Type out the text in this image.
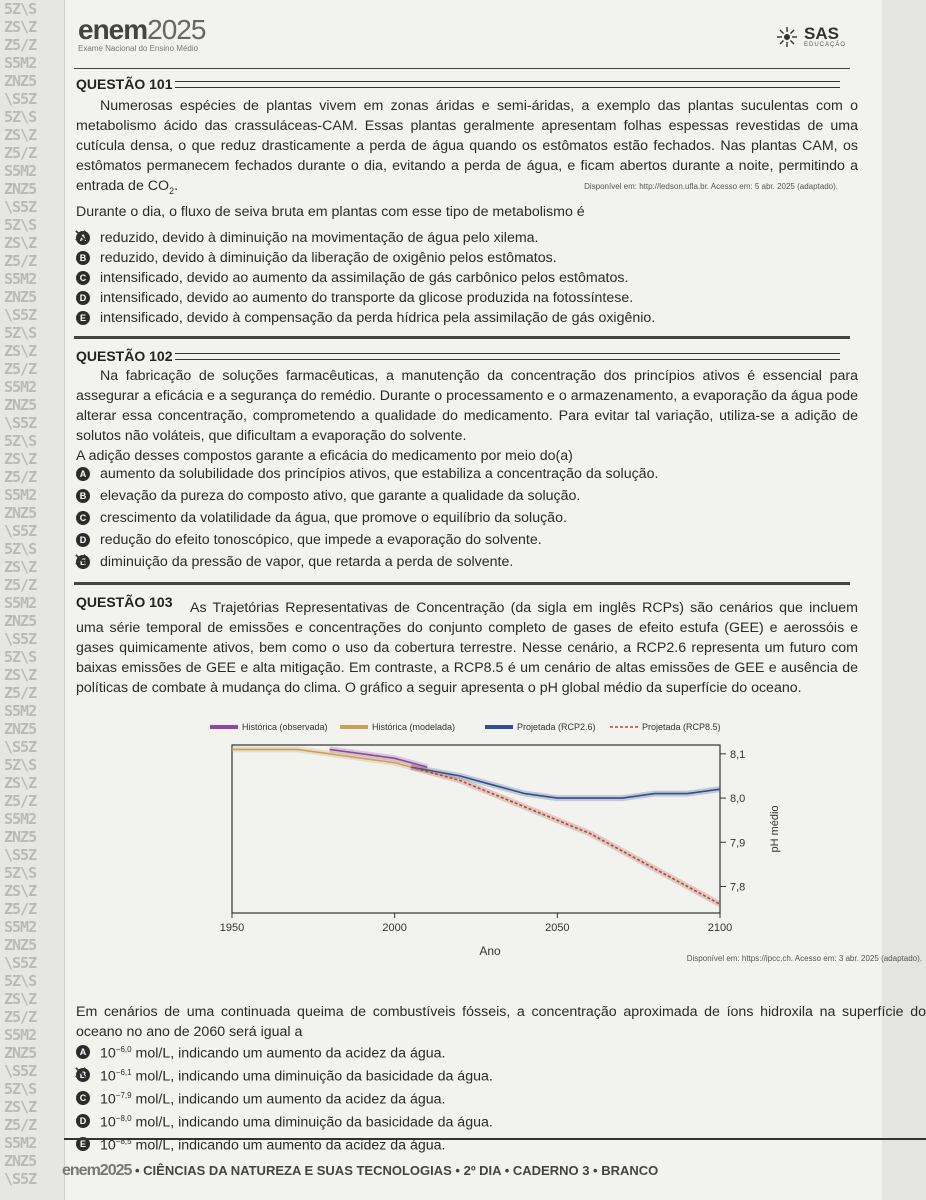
5Z\S
ZS\Z
Z5/Z
S5M2
ZNZ5
\S5Z
5Z\S
ZS\Z
Z5/Z
S5M2
ZNZ5
\S5Z
5Z\S
ZS\Z
Z5/Z
S5M2
ZNZ5
\S5Z
5Z\S
ZS\Z
Z5/Z
S5M2
ZNZ5
\S5Z
5Z\S
ZS\Z
Z5/Z
S5M2
ZNZ5
\S5Z
5Z\S
ZS\Z
Z5/Z
S5M2
ZNZ5
\S5Z
5Z\S
ZS\Z
Z5/Z
S5M2
ZNZ5
\S5Z
5Z\S
ZS\Z
Z5/Z
S5M2
ZNZ5
\S5Z
5Z\S
ZS\Z
Z5/Z
S5M2
ZNZ5
\S5Z
5Z\S
ZS\Z
Z5/Z
S5M2
ZNZ5
\S5Z
5Z\S
ZS\Z
Z5/Z
S5M2
ZNZ5
\S5Z
enem2025
Exame Nacional do Ensino Médio
SAS
EDUCAÇÃO
QUESTÃO 101
Numerosas espécies de plantas vivem em zonas áridas e semi-áridas, a exemplo das plantas suculentas com o metabolismo ácido das crassuláceas-CAM. Essas plantas geralmente apresentam folhas espessas revestidas de uma cutícula densa, o que reduz drasticamente a perda de água quando os estômatos estão fechados. Nas plantas CAM, os estômatos permanecem fechados durante o dia, evitando a perda de água, e ficam abertos durante a noite, permitindo a entrada de $CO_2$.	Disponível em: http://ledson.ufla.br. Acesso em: 5 abr. 2025 (adaptado).
Durante o dia, o fluxo de seiva bruta em plantas com esse tipo de metabolismo é
A ✕ reduzido, devido à diminuição na movimentação de água pelo xilema.
B reduzido, devido à diminuição da liberação de oxigênio pelos estômatos.
C intensificado, devido ao aumento da assimilação de gás carbônico pelos estômatos.
D intensificado, devido ao aumento do transporte da glicose produzida na fotossíntese.
E intensificado, devido à compensação da perda hídrica pela assimilação de gás oxigênio.
QUESTÃO 102
Na fabricação de soluções farmacêuticas, a manutenção da concentração dos princípios ativos é essencial para assegurar a eficácia e a segurança do remédio. Durante o processamento e o armazenamento, a evaporação da água pode alterar essa concentração, comprometendo a qualidade do medicamento. Para evitar tal variação, utiliza-se a adição de solutos não voláteis, que dificultam a evaporação do solvente.
A adição desses compostos garante a eficácia do medicamento por meio do(a)
A aumento da solubilidade dos princípios ativos, que estabiliza a concentração da solução.
B elevação da pureza do composto ativo, que garante a qualidade da solução.
C crescimento da volatilidade da água, que promove o equilíbrio da solução.
D redução do efeito tonoscópico, que impede a evaporação do solvente.
E ✕ diminuição da pressão de vapor, que retarda a perda de solvente.
QUESTÃO 103	As Trajetórias Representativas de Concentração (da sigla em inglês RCPs) são cenários que incluem uma série temporal de emissões e concentrações do conjunto completo de gases de efeito estufa (GEE) e aerossóis e gases quimicamente ativos, bem como o uso da cobertura terrestre. Nesse cenário, a RCP2.6 representa um futuro com baixas emissões de GEE e alta mitigação. Em contraste, a RCP8.5 é um cenário de altas emissões de GEE e ausência de políticas de combate à mudança do clima. O gráfico a seguir apresenta o pH global médio da superfície do oceano.
Histórica (observada)	Histórica (modelada)	Projetada (RCP2.6)	Projetada (RCP8.5)
1950	2000	2050	2100
8,1
8,0
7,9
7,8
Ano
pH médio
Disponível em: https://ipcc.ch. Acesso em: 3 abr. 2025 (adaptado).
Em cenários de uma continuada queima de combustíveis fósseis, a concentração aproximada de íons hidroxila na superfície do oceano no ano de 2060 será igual a
A $10^{-6,0}$ mol/L, indicando um aumento da acidez da água.
B ✕ $10^{-6,1}$ mol/L, indicando uma diminuição da basicidade da água.
C $10^{-7,9}$ mol/L, indicando um aumento da acidez da água.
D $10^{-8,0}$ mol/L, indicando uma diminuição da basicidade da água.
E $10^{-8,5}$ mol/L, indicando um aumento da acidez da água.
enem2025 • CIÊNCIAS DA NATUREZA E SUAS TECNOLOGIAS • 2º DIA • CADERNO 3 • BRANCO
